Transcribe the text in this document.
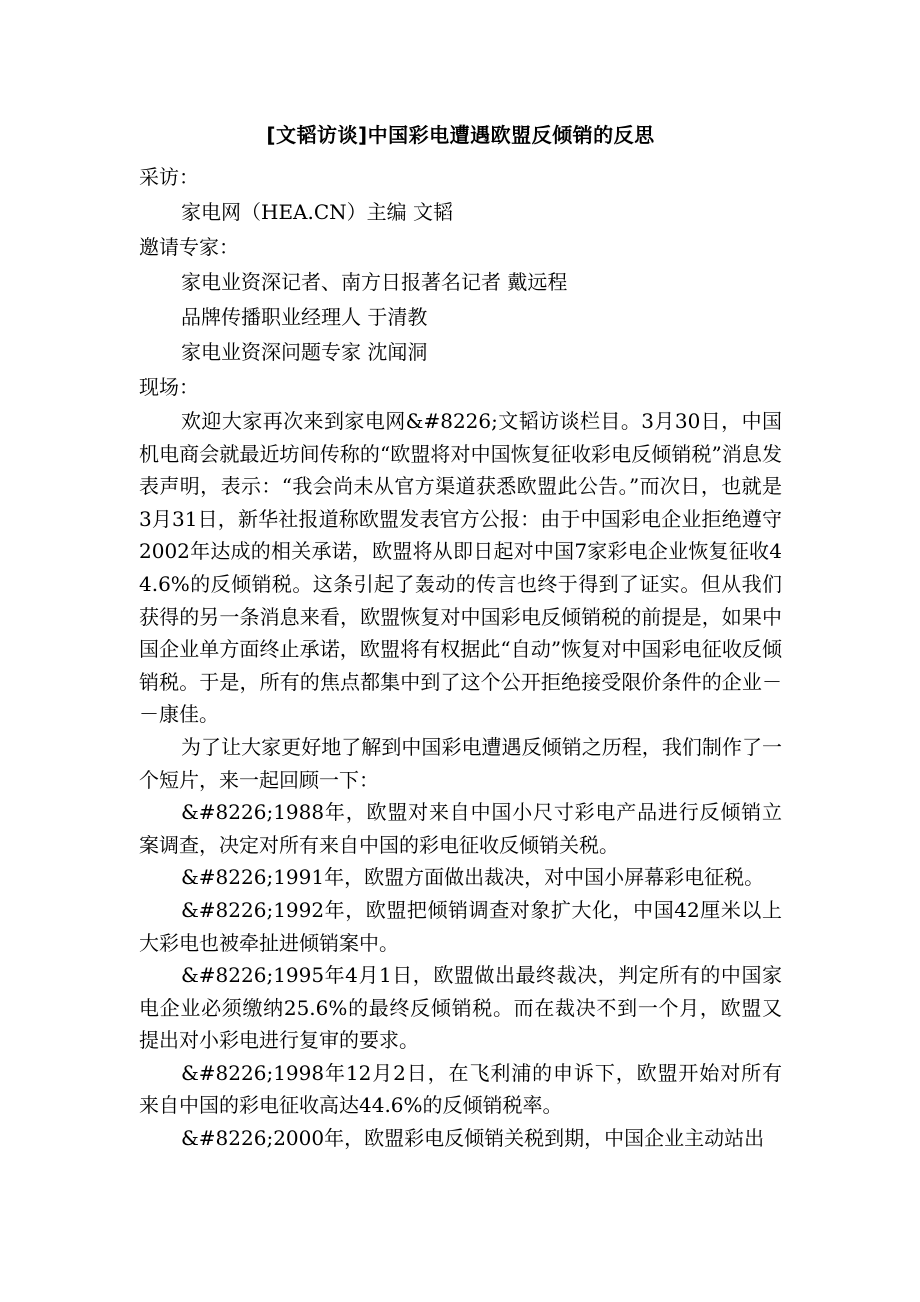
[文韬访谈]中国彩电遭遇欧盟反倾销的反思

采访：

家电网（HEA.CN）主编 文韬

邀请专家：

家电业资深记者、南方日报著名记者 戴远程

品牌传播职业经理人 于清教

家电业资深问题专家 沈闻洞

现场：

欢迎大家再次来到家电网&#8226;文韬访谈栏目。3月30日，中国机电商会就最近坊间传称的“欧盟将对中国恢复征收彩电反倾销税”消息发表声明，表示：“我会尚未从官方渠道获悉欧盟此公告。”而次日，也就是3月31日，新华社报道称欧盟发表官方公报：由于中国彩电企业拒绝遵守2002年达成的相关承诺，欧盟将从即日起对中国7家彩电企业恢复征收44.6%的反倾销税。这条引起了轰动的传言也终于得到了证实。但从我们获得的另一条消息来看，欧盟恢复对中国彩电反倾销税的前提是，如果中国企业单方面终止承诺，欧盟将有权据此“自动”恢复对中国彩电征收反倾销税。于是，所有的焦点都集中到了这个公开拒绝接受限价条件的企业－－康佳。

为了让大家更好地了解到中国彩电遭遇反倾销之历程，我们制作了一个短片，来一起回顾一下：

&#8226;1988年，欧盟对来自中国小尺寸彩电产品进行反倾销立案调查，决定对所有来自中国的彩电征收反倾销关税。

&#8226;1991年，欧盟方面做出裁决，对中国小屏幕彩电征税。

&#8226;1992年，欧盟把倾销调查对象扩大化，中国42厘米以上大彩电也被牵扯进倾销案中。

&#8226;1995年4月1日，欧盟做出最终裁决，判定所有的中国家电企业必须缴纳25.6%的最终反倾销税。而在裁决不到一个月，欧盟又提出对小彩电进行复审的要求。

&#8226;1998年12月2日，在飞利浦的申诉下，欧盟开始对所有来自中国的彩电征收高达44.6%的反倾销税率。

&#8226;2000年，欧盟彩电反倾销关税到期，中国企业主动站出
